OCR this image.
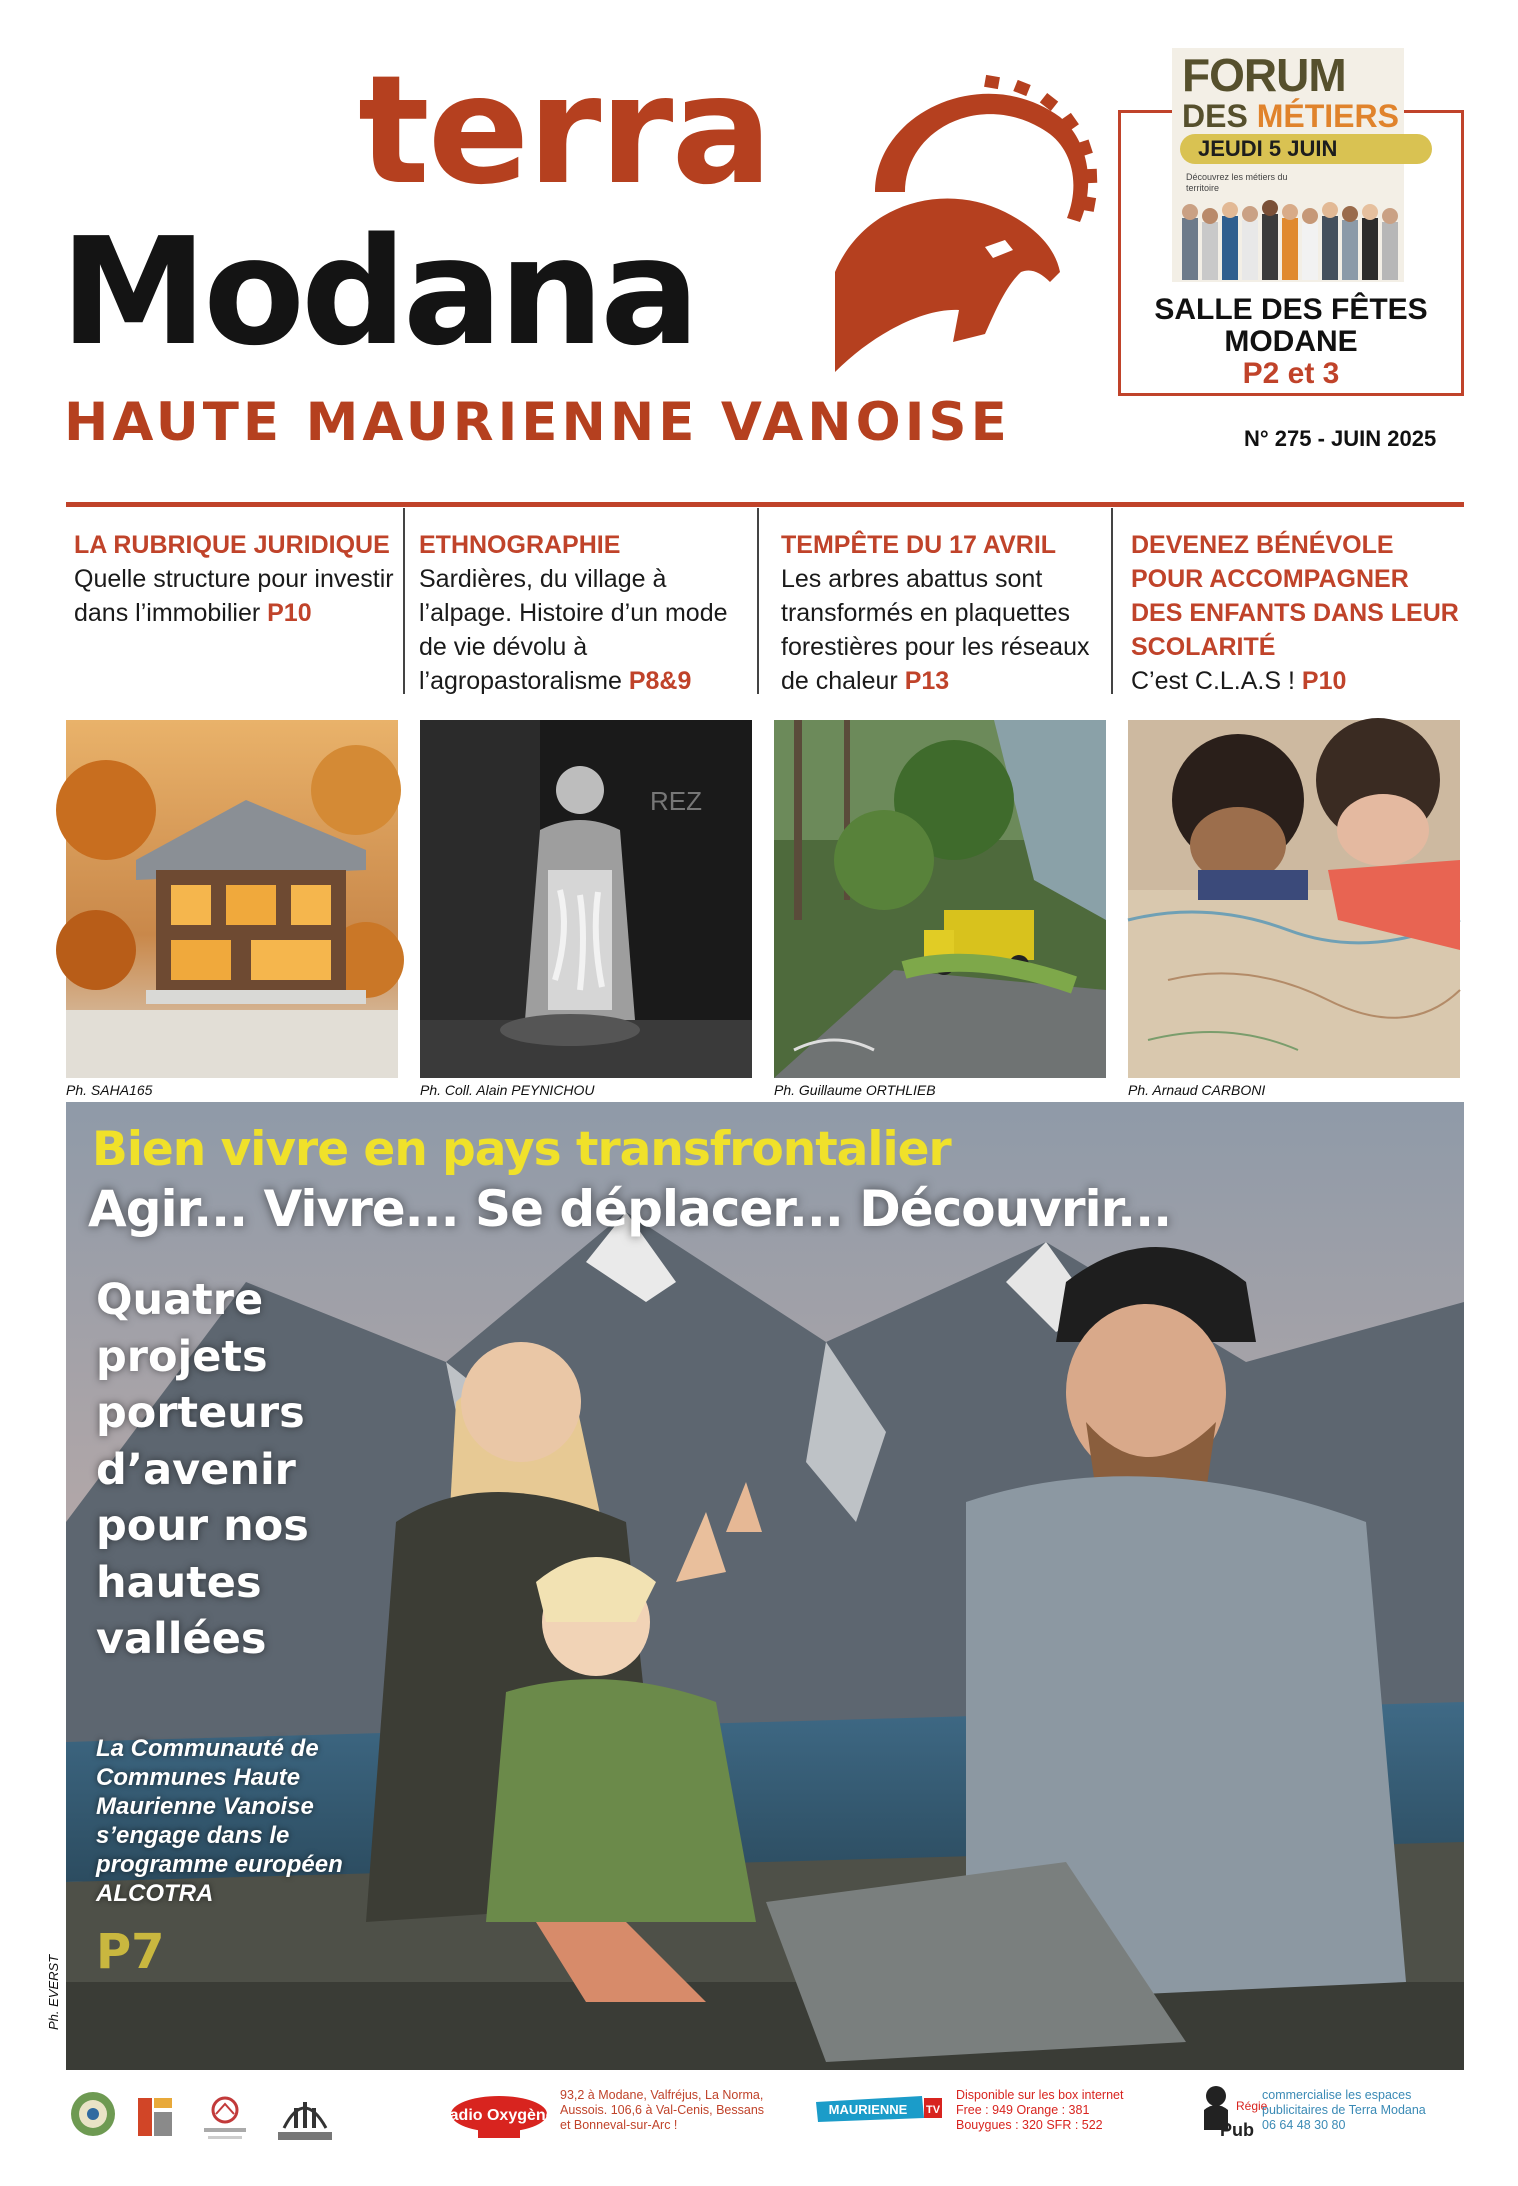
terra
Modana
HAUTE MAURIENNE VANOISE
FORUM
DES MÉTIERS
JEUDI 5 JUIN
Découvrez les métiers du territoire
SALLE DES FÊTES MODANE
P2 et 3
N° 275 - JUIN 2025
LA RUBRIQUE JURIDIQUE
Quelle structure pour investir dans l’immobilier P10
ETHNOGRAPHIE
Sardières, du village à l’alpage. Histoire d’un mode de vie dévolu à l’agropastoralisme P8&9
TEMPÊTE DU 17 AVRIL
Les arbres abattus sont transformés en plaquettes forestières pour les réseaux de chaleur P13
DEVENEZ BÉNÉVOLE POUR ACCOMPAGNER DES ENFANTS DANS LEUR SCOLARITÉ
C’est C.L.A.S ! P10
Ph. SAHA165
REZ
Ph. Coll. Alain PEYNICHOU	Ph. Guillaume ORTHLIEB	Ph. Arnaud CARBONI
Bien vivre en pays transfrontalier
Agir... Vivre... Se déplacer... Découvrir...
Quatre projets porteurs d’avenir pour nos hautes vallées
La Communauté de Communes Haute Maurienne Vanoise s’engage dans le programme européen ALCOTRA
P7
Ph. EVERST
radio Oxygène
93,2 à Modane, Valfréjus, La Norma,
Aussois. 106,6 à Val-Cenis, Bessans
et Bonneval-sur-Arc !
MAURIENNE TV
Disponible sur les box internet
Free : 949 Orange : 381
Bouygues : 320 SFR : 522
Régie
Pub
commercialise les espaces
publicitaires de Terra Modana
06 64 48 30 80
